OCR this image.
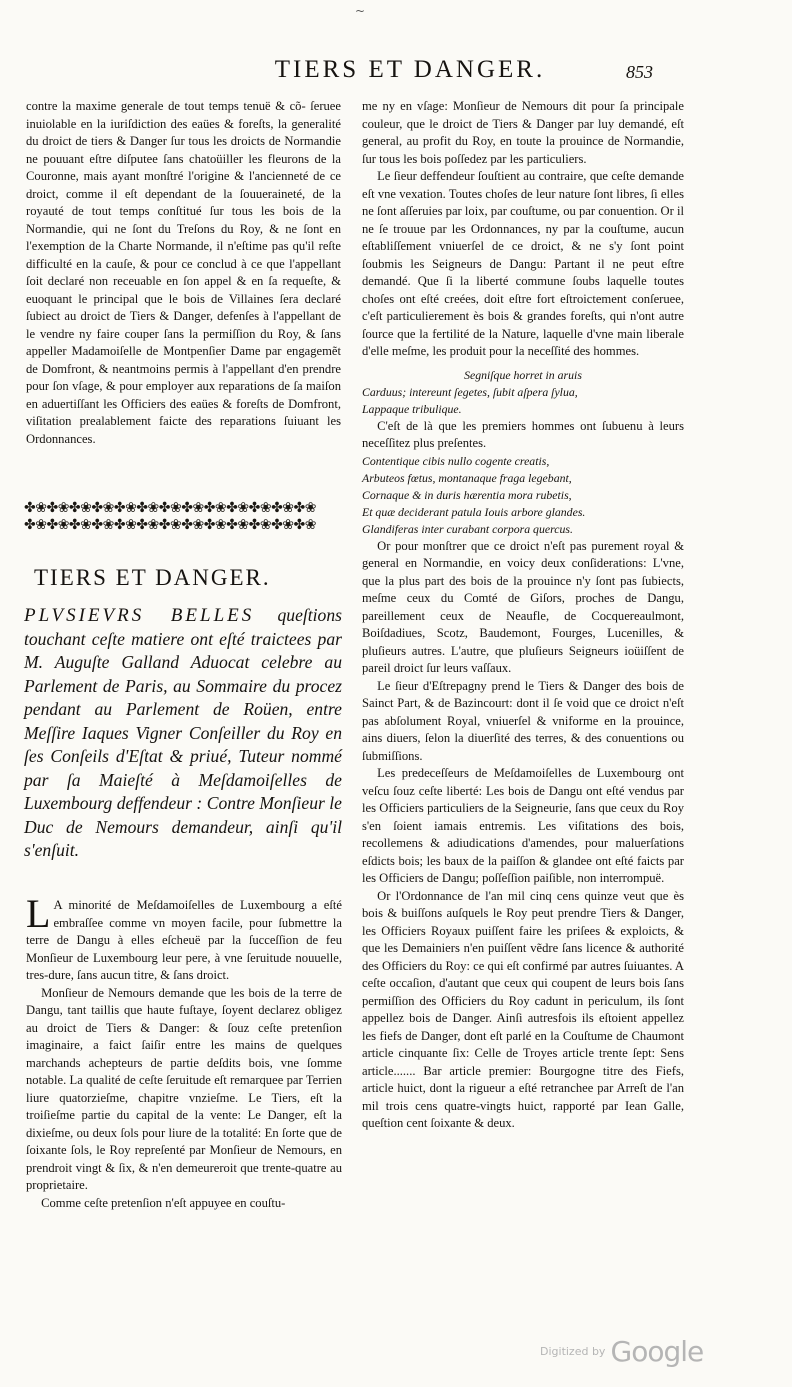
~
TIERS ET DANGER.	853

contre la maxime generale de tout temps tenuë & cõ- ſeruee inuiolable en la iuriſdiction des eaües & foreſts, la generalité du droict de tiers & Danger ſur tous les droicts de Normandie ne pouuant eſtre diſputee ſans chatoüiller les fleurons de la Couronne, mais ayant monſtré l'origine & l'ancienneté de ce droict, comme il eſt dependant de la ſouueraineté, de la royauté de tout temps conſtitué ſur tous les bois de la Normandie, qui ne ſont du Treſons du Roy, & ne ſont en l'exemption de la Charte Normande, il n'eſtime pas qu'il reſte difficulté en la cauſe, & pour ce conclud à ce que l'appellant ſoit declaré non receuable en ſon appel & en ſa requeſte, & euoquant le principal que le bois de Villaines ſera declaré ſubiect au droict de Tiers & Danger, defenſes à l'appellant de le vendre ny faire couper ſans la permiſſion du Roy, & ſans appeller Madamoiſelle de Montpenſier Dame par engagemẽt de Domfront, & neantmoins permis à l'appellant d'en prendre pour ſon vſage, & pour employer aux reparations de ſa maiſon en aduertiſſant les Officiers des eaües & foreſts de Domfront, viſitation prealablement faicte des reparations ſuiuant les Ordonnances.

✤❀✤❀✤❀✤❀✤❀✤❀✤❀✤❀✤❀✤❀✤❀✤❀✤❀
✤❀✤❀✤❀✤❀✤❀✤❀✤❀✤❀✤❀✤❀✤❀✤❀✤❀
TIERS ET DANGER.
PLVSIEVRS BELLES queſtions touchant ceſte matiere ont eſté traictees par M. Auguſte Galland Aduocat celebre au Parlement de Paris, au Sommaire du procez pendant au Parlement de Roüen, entre Meſſire Iaques Vigner Conſeiller du Roy en ſes Conſeils d'Eſtat & priué, Tuteur nommé par ſa Maieſté à Meſdamoiſelles de Luxembourg deffendeur : Contre Monſieur le Duc de Nemours demandeur, ainſi qu'il s'enſuit.

L A minorité de Meſdamoiſelles de Luxembourg a eſté embraſſee comme vn moyen facile, pour ſubmettre la terre de Dangu à elles eſcheuë par la ſucceſſion de feu Monſieur de Luxembourg leur pere, à vne ſeruitude nouuelle, tres-dure, ſans aucun titre, & ſans droict.

Monſieur de Nemours demande que les bois de la terre de Dangu, tant taillis que haute fuſtaye, ſoyent declarez obligez au droict de Tiers & Danger: & ſouz ceſte pretenſion imaginaire, a faict ſaiſir entre les mains de quelques marchands achepteurs de partie deſdits bois, vne ſomme notable. La qualité de ceſte ſeruitude eſt remarquee par Terrien liure quatorzieſme, chapitre vnzieſme. Le Tiers, eſt la troiſieſme partie du capital de la vente: Le Danger, eſt la dixieſme, ou deux ſols pour liure de la totalité: En ſorte que de ſoixante ſols, le Roy repreſenté par Monſieur de Nemours, en prendroit vingt & ſix, & n'en demeureroit que trente-quatre au proprietaire.

Comme ceſte pretenſion n'eſt appuyee en couſtu-

me ny en vſage: Monſieur de Nemours dit pour ſa principale couleur, que le droict de Tiers & Danger par luy demandé, eſt general, au profit du Roy, en toute la prouince de Normandie, ſur tous les bois poſſedez par les particuliers.

Le ſieur deffendeur ſouſtient au contraire, que ceſte demande eſt vne vexation. Toutes choſes de leur nature ſont libres, ſi elles ne ſont aſſeruies par loix, par couſtume, ou par conuention. Or il ne ſe trouue par les Ordonnances, ny par la couſtume, aucun eſtabliſſement vniuerſel de ce droict, & ne s'y ſont point ſoubmis les Seigneurs de Dangu: Partant il ne peut eſtre demandé. Que ſi la liberté commune ſoubs laquelle toutes choſes ont eſté creées, doit eſtre fort eſtroictement conſeruee, c'eſt particulierement ès bois & grandes foreſts, qui n'ont autre ſource que la fertilité de la Nature, laquelle d'vne main liberale d'elle meſme, les produit pour la neceſſité des hommes.

Segniſque horret in aruis
Carduus; intereunt ſegetes, ſubit aſpera ſylua,
Lappaque tribulique.

C'eſt de là que les premiers hommes ont ſubuenu à leurs neceſſitez plus preſentes.

Contentique cibis nullo cogente creatis,
Arbuteos fœtus, montanaque fraga legebant,
Cornaque & in duris hærentia mora rubetis,
Et quæ deciderant patula Iouis arbore glandes.
Glandiferas inter curabant corpora quercus.

Or pour monſtrer que ce droict n'eſt pas purement royal & general en Normandie, en voicy deux conſiderations: L'vne, que la plus part des bois de la prouince n'y ſont pas ſubiects, meſme ceux du Comté de Giſors, proches de Dangu, pareillement ceux de Neaufle, de Cocquereaulmont, Boiſdadiues, Scotz, Baudemont, Fourges, Lucenilles, & pluſieurs autres. L'autre, que pluſieurs Seigneurs ioüiſſent de pareil droict ſur leurs vaſſaux.

Le ſieur d'Eſtrepagny prend le Tiers & Danger des bois de Sainct Part, & de Bazincourt: dont il ſe void que ce droict n'eſt pas abſolument Royal, vniuerſel & vniforme en la prouince, ains diuers, ſelon la diuerſité des terres, & des conuentions ou ſubmiſſions.

Les predeceſſeurs de Meſdamoiſelles de Luxembourg ont veſcu ſouz ceſte liberté: Les bois de Dangu ont eſté vendus par les Officiers particuliers de la Seigneurie, ſans que ceux du Roy s'en ſoient iamais entremis. Les viſitations des bois, recollemens & adiudications d'amendes, pour maluerſations eſdicts bois; les baux de la paiſſon & glandee ont eſté faicts par les Officiers de Dangu; poſſeſſion paiſible, non interrompuë.

Or l'Ordonnance de l'an mil cinq cens quinze veut que ès bois & buiſſons auſquels le Roy peut prendre Tiers & Danger, les Officiers Royaux puiſſent faire les priſees & exploicts, & que les Demainiers n'en puiſſent vẽdre ſans licence & authorité des Officiers du Roy: ce qui eſt confirmé par autres ſuiuantes. A ceſte occaſion, d'autant que ceux qui coupent de leurs bois ſans permiſſion des Officiers du Roy cadunt in periculum, ils ſont appellez bois de Danger. Ainſi autresfois ils eſtoient appellez les fiefs de Danger, dont eſt parlé en la Couſtume de Chaumont article cinquante ſix: Celle de Troyes article trente ſept: Sens article....... Bar article premier: Bourgogne titre des Fiefs, article huict, dont la rigueur a eſté retranchee par Arreſt de l'an mil trois cens quatre-vingts huict, rapporté par Iean Galle, queſtion cent ſoixante & deux.

Digitized by Google
